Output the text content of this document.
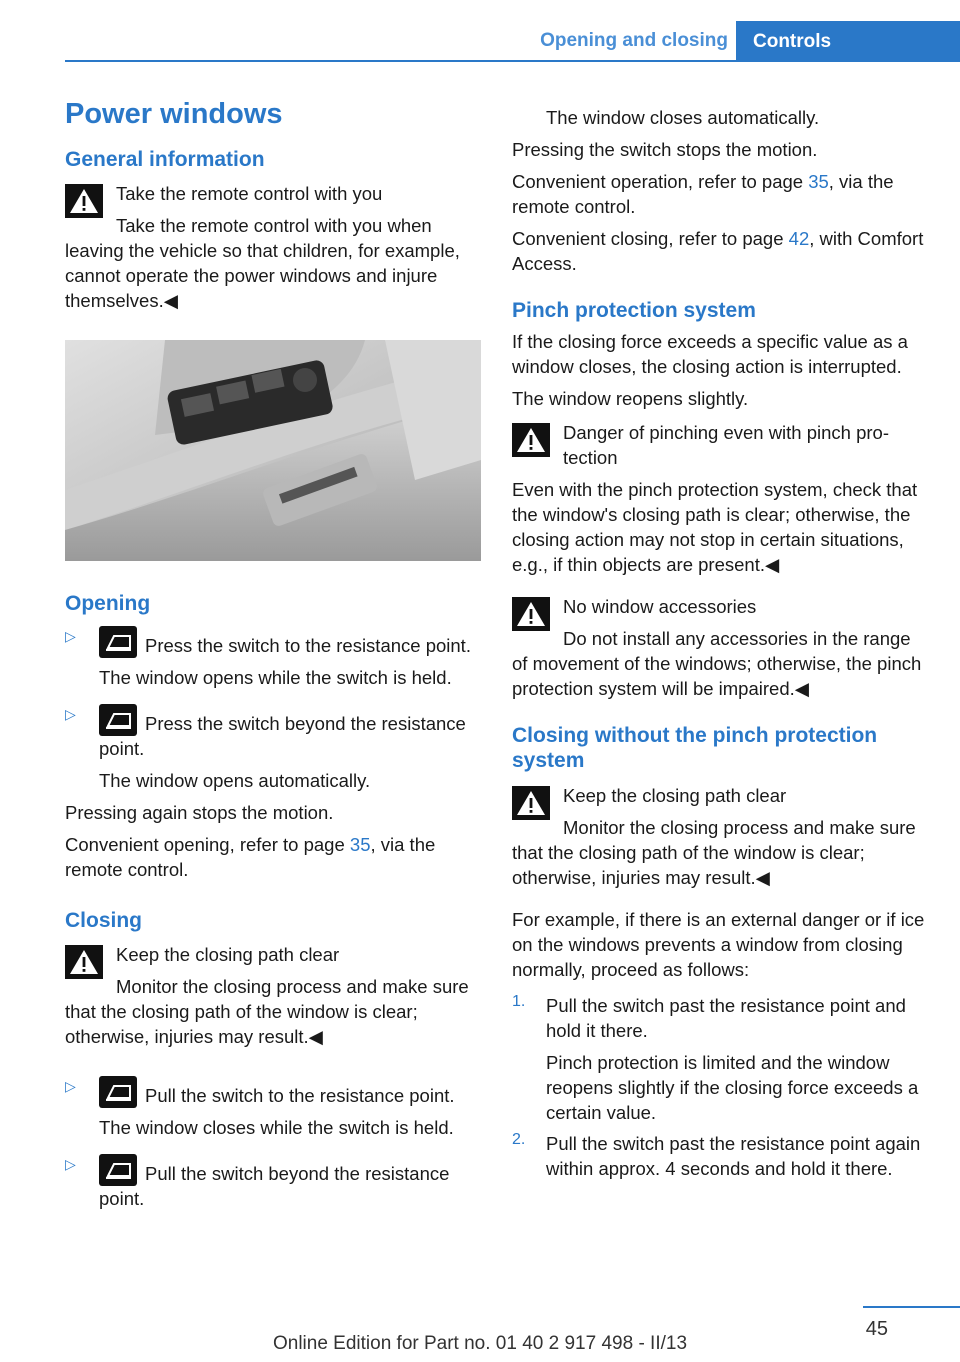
Opening and closing	Controls
Power windows
General information
Take the remote control with you
Take the remote control with you when leaving the vehicle so that children, for example, cannot operate the power windows and injure themselves.◀
Opening
▷	Press the switch to the resistance point.

The window opens while the switch is held.

▷	Press the switch beyond the resistance point.

The window opens automatically.

Pressing again stops the motion.

Convenient opening, refer to page 35, via the remote control.

Closing
Keep the closing path clear
Monitor the closing process and make sure that the closing path of the window is clear; otherwise, injuries may result.◀
▷	Pull the switch to the resistance point.

The window closes while the switch is held.

▷	Pull the switch beyond the resistance point.

The window closes automatically.

Pressing the switch stops the motion.

Convenient operation, refer to page 35, via the remote control.

Convenient closing, refer to page 42, with Comfort Access.

Pinch protection system

If the closing force exceeds a specific value as a window closes, the closing action is interrupted.

The window reopens slightly.

Danger of pinching even with pinch protection
Even with the pinch protection system, check that the window's closing path is clear; otherwise, the closing action may not stop in certain situations, e.g., if thin objects are present.◀
No window accessories
Do not install any accessories in the range of movement of the windows; otherwise, the pinch protection system will be impaired.◀
Closing without the pinch protection system
Keep the closing path clear
Monitor the closing process and make sure that the closing path of the window is clear; otherwise, injuries may result.◀

For example, if there is an external danger or if ice on the windows prevents a window from closing normally, proceed as follows:

1. Pull the switch past the resistance point and hold it there.

Pinch protection is limited and the window reopens slightly if the closing force exceeds a certain value.

2. Pull the switch past the resistance point again within approx. 4 seconds and hold it there.

45
Online Edition for Part no. 01 40 2 917 498 - II/13
